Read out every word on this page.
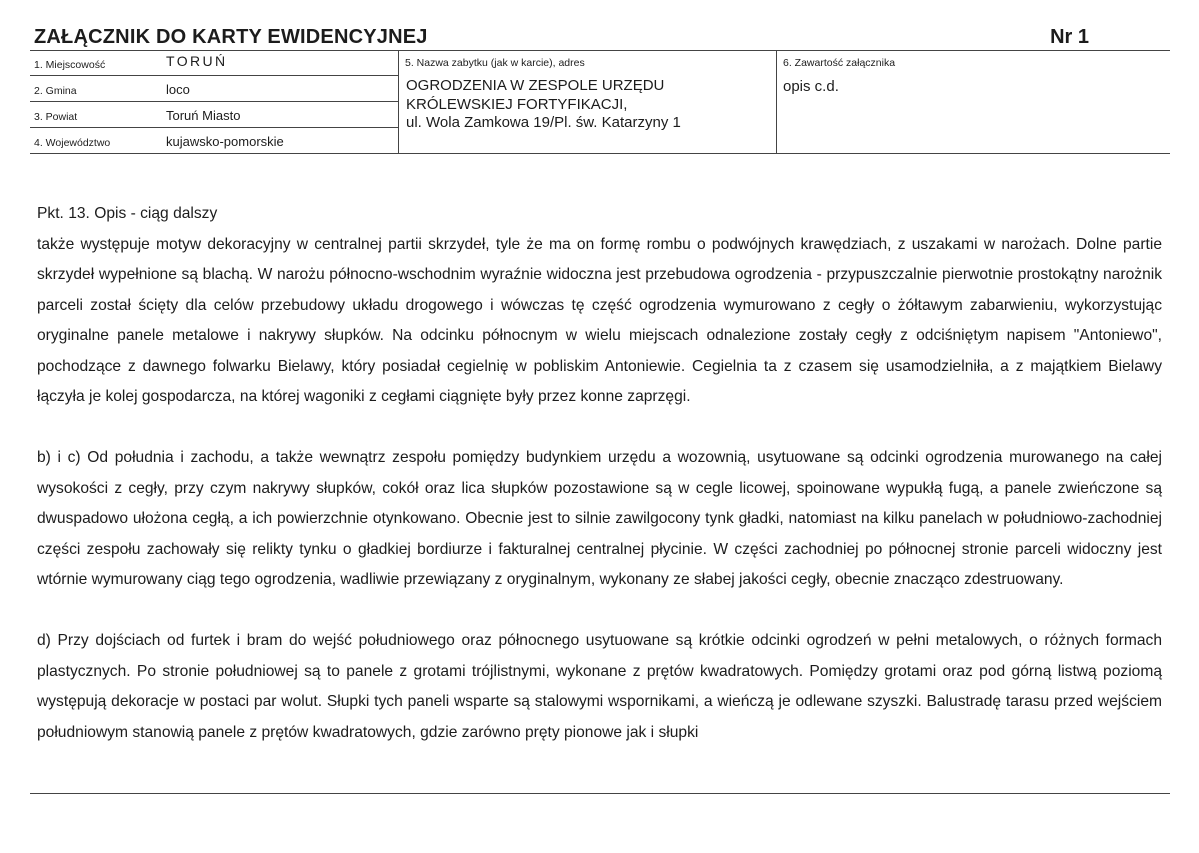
ZAŁĄCZNIK DO KARTY EWIDENCYJNEJ	Nr 1
1. Miejscowość	TORUŃ
2. Gmina	loco
3. Powiat	Toruń Miasto
4. Województwo	kujawsko-pomorskie
5. Nazwa zabytku (jak w karcie), adres
OGRODZENIA W ZESPOLE URZĘDU
KRÓLEWSKIEJ FORTYFIKACJI,
ul. Wola Zamkowa 19/Pl. św. Katarzyny 1
6. Zawartość załącznika
opis c.d.

Pkt. 13. Opis - ciąg dalszy

także występuje motyw dekoracyjny w centralnej partii skrzydeł, tyle że ma on formę rombu o podwójnych krawędziach, z uszakami w narożach. Dolne partie skrzydeł wypełnione są blachą. W narożu północno-wschodnim wyraźnie widoczna jest przebudowa ogrodzenia - przypuszczalnie pierwotnie prostokątny narożnik parceli został ścięty dla celów przebudowy układu drogowego i wówczas tę część ogrodzenia wymurowano z cegły o żółtawym zabarwieniu, wykorzystując oryginalne panele metalowe i nakrywy słupków. Na odcinku północnym w wielu miejscach odnalezione zostały cegły z odciśniętym napisem "Antoniewo", pochodzące z dawnego folwarku Bielawy, który posiadał cegielnię w pobliskim Antoniewie. Cegielnia ta z czasem się usamodzielniła, a z majątkiem Bielawy łączyła je kolej gospodarcza, na której wagoniki z cegłami ciągnięte były przez konne zaprzęgi.

b) i c) Od południa i zachodu, a także wewnątrz zespołu pomiędzy budynkiem urzędu a wozownią, usytuowane są odcinki ogrodzenia murowanego na całej wysokości z cegły, przy czym nakrywy słupków, cokół oraz lica słupków pozostawione są w cegle licowej, spoinowane wypukłą fugą, a panele zwieńczone są dwuspadowo ułożona cegłą, a ich powierzchnie otynkowano. Obecnie jest to silnie zawilgocony tynk gładki, natomiast na kilku panelach w południowo-zachodniej części zespołu zachowały się relikty tynku o gładkiej bordiurze i fakturalnej centralnej płycinie. W części zachodniej po północnej stronie parceli widoczny jest wtórnie wymurowany ciąg tego ogrodzenia, wadliwie przewiązany z oryginalnym, wykonany ze słabej jakości cegły, obecnie znacząco zdestruowany.

d) Przy dojściach od furtek i bram do wejść południowego oraz północnego usytuowane są krótkie odcinki ogrodzeń w pełni metalowych, o różnych formach plastycznych. Po stronie południowej są to panele z grotami trójlistnymi, wykonane z prętów kwadratowych. Pomiędzy grotami oraz pod górną listwą poziomą występują dekoracje w postaci par wolut. Słupki tych paneli wsparte są stalowymi wspornikami, a wieńczą je odlewane szyszki. Balustradę tarasu przed wejściem południowym stanowią panele z prętów kwadratowych, gdzie zarówno pręty pionowe jak i słupki
